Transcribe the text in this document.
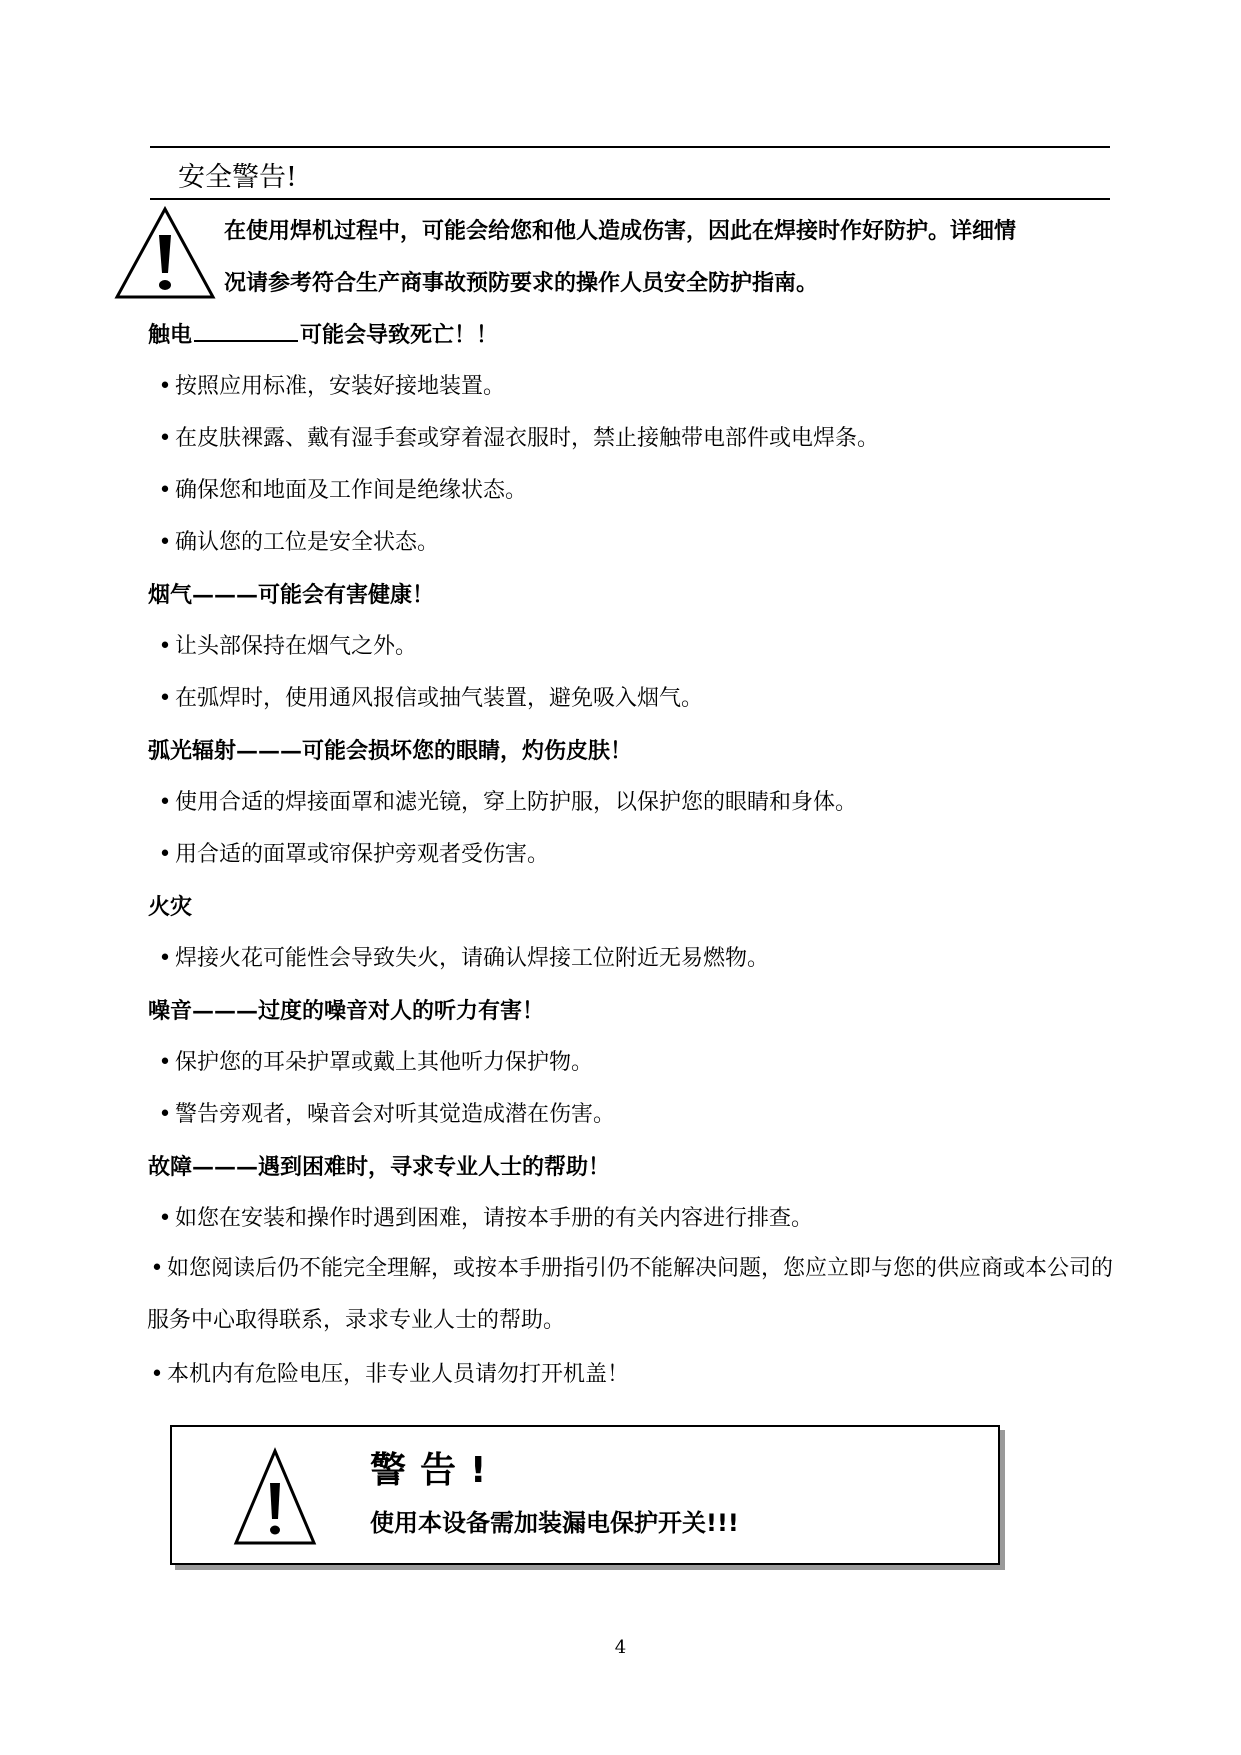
安全警告!
在使用焊机过程中，可能会给您和他人造成伤害，因此在焊接时作好防护。详细情
况请参考符合生产商事故预防要求的操作人员安全防护指南。
触电	可能会导致死亡！！
• 按照应用标准，安装好接地装置。
• 在皮肤裸露、戴有湿手套或穿着湿衣服时，禁止接触带电部件或电焊条。
• 确保您和地面及工作间是绝缘状态。
• 确认您的工位是安全状态。
烟气———可能会有害健康！
• 让头部保持在烟气之外。
• 在弧焊时，使用通风报信或抽气装置，避免吸入烟气。
弧光辐射———可能会损坏您的眼睛，灼伤皮肤！
• 使用合适的焊接面罩和滤光镜，穿上防护服，以保护您的眼睛和身体。
• 用合适的面罩或帘保护旁观者受伤害。
火灾
• 焊接火花可能性会导致失火，请确认焊接工位附近无易燃物。
噪音———过度的噪音对人的听力有害！
• 保护您的耳朵护罩或戴上其他听力保护物。
• 警告旁观者，噪音会对听其觉造成潜在伤害。
故障———遇到困难时，寻求专业人士的帮助！
• 如您在安装和操作时遇到困难，请按本手册的有关内容进行排查。
• 如您阅读后仍不能完全理解，或按本手册指引仍不能解决问题，您应立即与您的供应商或本公司的服务中心取得联系，录求专业人士的帮助。
• 本机内有危险电压，非专业人员请勿打开机盖！
警告!
使用本设备需加装漏电保护开关!!!
4
